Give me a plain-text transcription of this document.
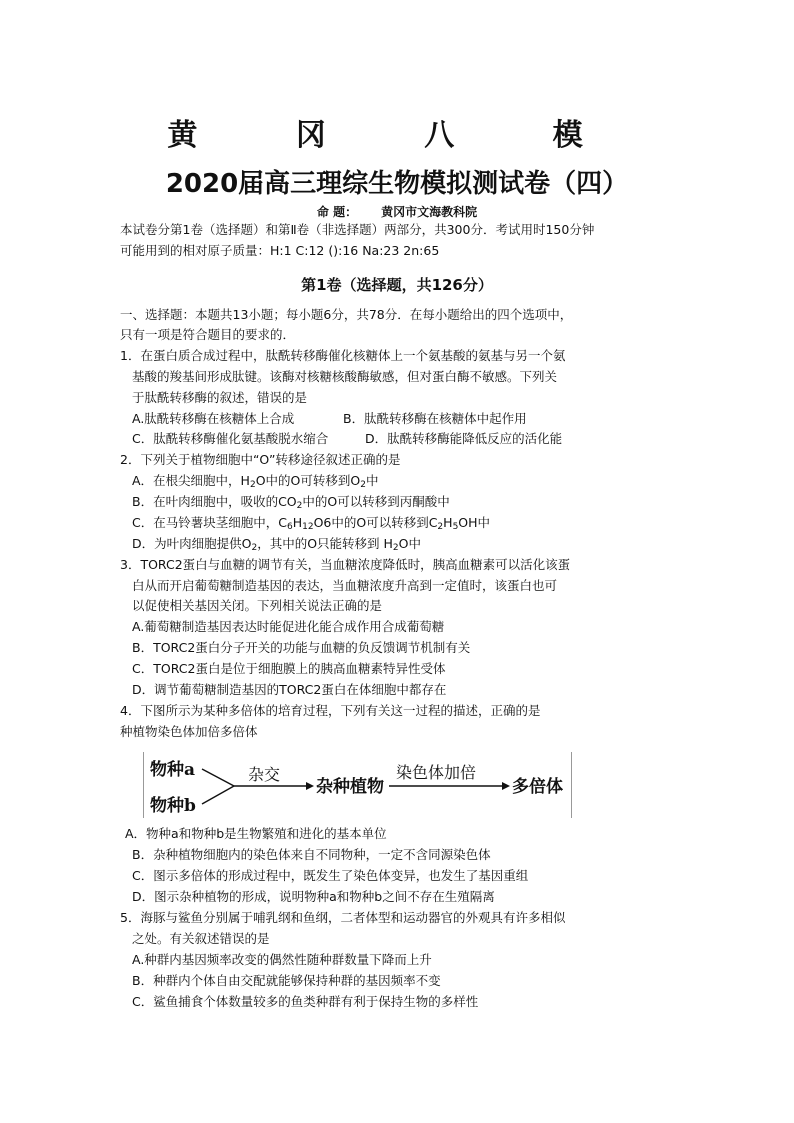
黄 冈 八 模
2020届高三理综生物模拟测试卷（四）
命 题： 黄冈市文海教科院
本试卷分第1卷（选择题）和第Ⅱ卷（非选择题）两部分，共300分．考试用时150分钟
可能用到的相对原子质量：H:1 C:12 ():16 Na:23 2n:65
第1卷（选择题，共126分）
一、选择题：本题共13小题；每小题6分，共78分．在每小题给出的四个选项中，
只有一项是符合题目的要求的．
1．在蛋白质合成过程中，肽酰转移酶催化核糖体上一个氨基酸的氨基与另一个氨
基酸的羧基间形成肽键。该酶对核糖核酸酶敏感，但对蛋白酶不敏感。下列关
于肽酰转移酶的叙述，错误的是
A.肽酰转移酶在核糖体上合成	B．肽酰转移酶在核糖体中起作用
C．肽酰转移酶催化氨基酸脱水缩合	D．肽酰转移酶能降低反应的活化能
2．下列关于植物细胞中“O”转移途径叙述正确的是
A．在根尖细胞中，$H_2O$中的O可转移到$O_2$中
B．在叶肉细胞中，吸收的$CO_2$中的O可以转移到丙酮酸中
C．在马铃薯块茎细胞中，$C_6H_{12}O6$中的O可以转移到$C_2H_5OH$中
D．为叶肉细胞提供$O_2$，其中的O只能转移到 $H_2O$中
3．TORC2蛋白与血糖的调节有关，当血糖浓度降低时，胰高血糖素可以活化该蛋
白从而开启葡萄糖制造基因的表达，当血糖浓度升高到一定值时，该蛋白也可
以促使相关基因关闭。下列相关说法正确的是
A.葡萄糖制造基因表达时能促进化能合成作用合成葡萄糖
B．TORC2蛋白分子开关的功能与血糖的负反馈调节机制有关
C．TORC2蛋白是位于细胞膜上的胰高血糖素特异性受体
D．调节葡萄糖制造基因的TORC2蛋白在体细胞中都存在
4．下图所示为某种多倍体的培育过程，下列有关这一过程的描述，正确的是
种植物染色体加倍多倍体
物种a
物种b
杂交
杂种植物
染色体加倍
多倍体
A．物种a和物种b是生物繁殖和进化的基本单位
B．杂种植物细胞内的染色体来自不同物种，一定不含同源染色体
C．图示多倍体的形成过程中，既发生了染色体变异，也发生了基因重组
D．图示杂种植物的形成，说明物种a和物种b之间不存在生殖隔离
5．海豚与鲨鱼分别属于哺乳纲和鱼纲，二者体型和运动器官的外观具有许多相似
之处。有关叙述错误的是
A.种群内基因频率改变的偶然性随种群数量下降而上升
B．种群内个体自由交配就能够保持种群的基因频率不变
C．鲨鱼捕食个体数量较多的鱼类种群有利于保持生物的多样性
